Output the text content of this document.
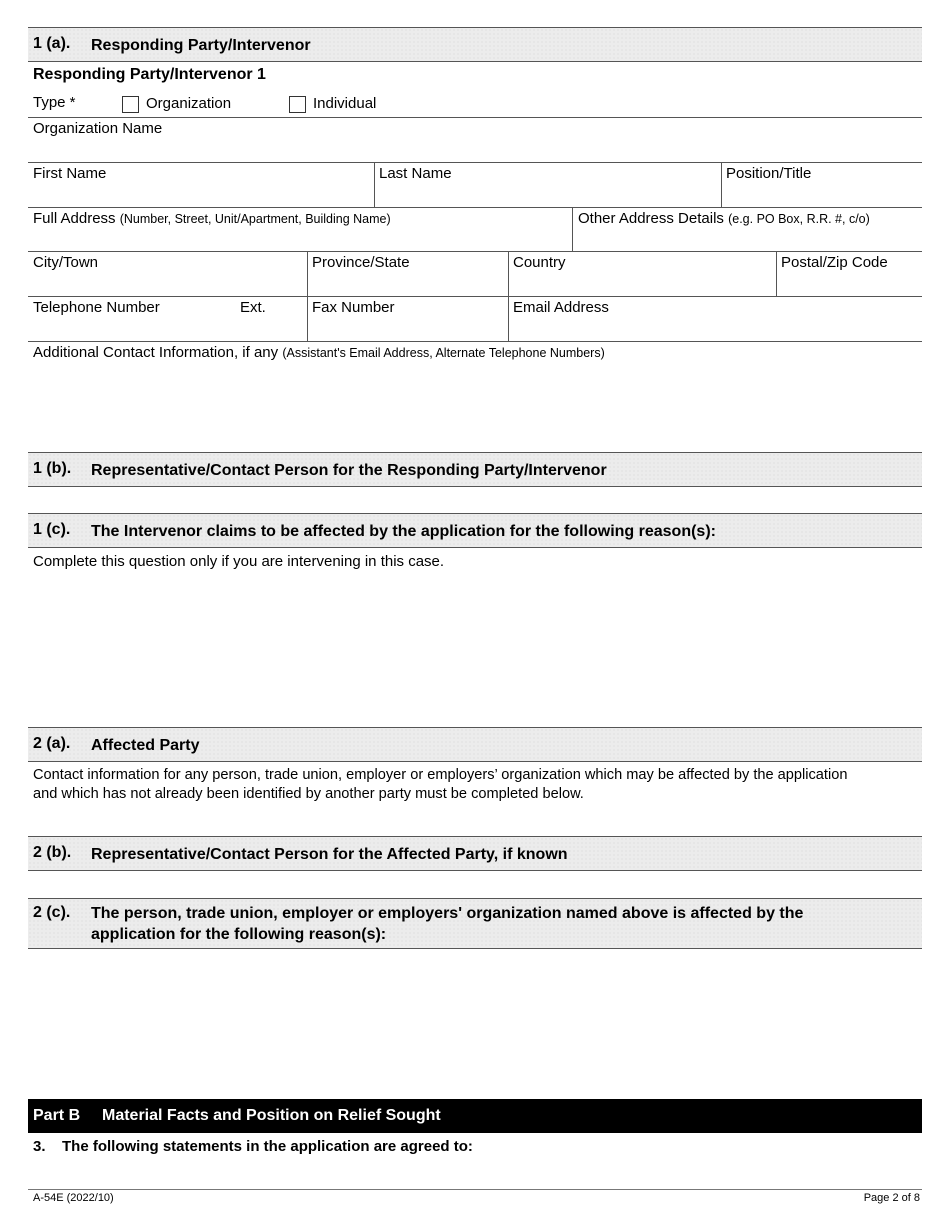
1 (a). Responding Party/Intervenor
Responding Party/Intervenor 1
Type *	Organization	Individual
Organization Name
First Name	Last Name	Position/Title
Full Address (Number, Street, Unit/Apartment, Building Name)	Other Address Details (e.g. PO Box, R.R. #, c/o)
City/Town	Province/State	Country	Postal/Zip Code
Telephone Number	Ext.	Fax Number	Email Address
Additional Contact Information, if any (Assistant's Email Address, Alternate Telephone Numbers)
1 (b). Representative/Contact Person for the Responding Party/Intervenor
1 (c). The Intervenor claims to be affected by the application for the following reason(s):
Complete this question only if you are intervening in this case.
2 (a). Affected Party
Contact information for any person, trade union, employer or employers’ organization which may be affected by the application
and which has not already been identified by another party must be completed below.
2 (b). Representative/Contact Person for the Affected Party, if known
2 (c). The person, trade union, employer or employers' organization named above is affected by the application for the following reason(s):
Part B Material Facts and Position on Relief Sought
3. The following statements in the application are agreed to:
A-54E (2022/10)	Page 2 of 8
